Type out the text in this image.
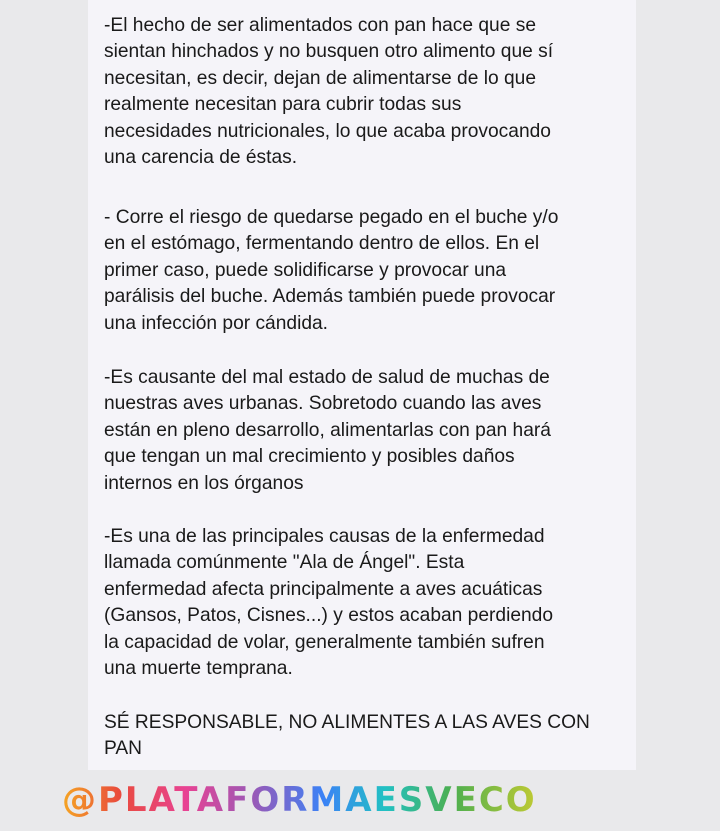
-El hecho de ser alimentados con pan hace que se
sientan hinchados y no busquen otro alimento que sí
necesitan, es decir, dejan de alimentarse de lo que
realmente necesitan para cubrir todas sus
necesidades nutricionales, lo que acaba provocando
una carencia de éstas.

- Corre el riesgo de quedarse pegado en el buche y/o
en el estómago, fermentando dentro de ellos. En el
primer caso, puede solidificarse y provocar una
parálisis del buche. Además también puede provocar
una infección por cándida.

-Es causante del mal estado de salud de muchas de
nuestras aves urbanas. Sobretodo cuando las aves
están en pleno desarrollo, alimentarlas con pan hará
que tengan un mal crecimiento y posibles daños
internos en los órganos

-Es una de las principales causas de la enfermedad
llamada comúnmente "Ala de Ángel". Esta
enfermedad afecta principalmente a aves acuáticas
(Gansos, Patos, Cisnes...) y estos acaban perdiendo
la capacidad de volar, generalmente también sufren
una muerte temprana.

SÉ RESPONSABLE, NO ALIMENTES A LAS AVES CON
PAN

@PLATAFORMAESVECO
